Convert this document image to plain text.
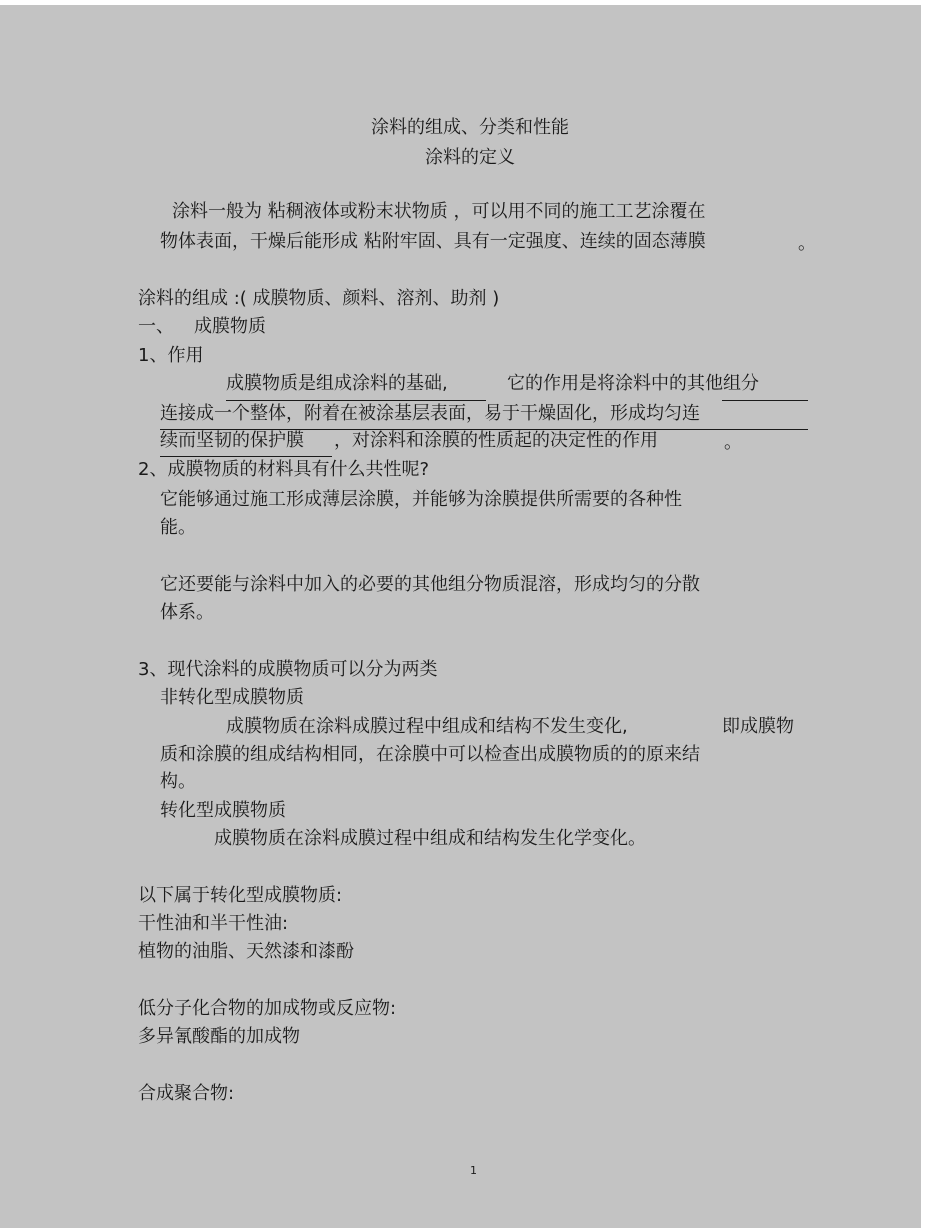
涂料的组成、分类和性能
涂料的定义
涂料一般为 粘稠液体或粉末状物质 ，可以用不同的施工工艺涂覆在
物体表面，干燥后能形成 粘附牢固、具有一定强度、连续的固态薄膜	。
涂料的组成 :( 成膜物质、颜料、溶剂、助剂 )
一、 成膜物质
1、作用
成膜物质是组成涂料的基础,	它的作用是将涂料中的其他组分
连接成一个整体，附着在被涂基层表面，易于干燥固化，形成均匀连
续而坚韧的保护膜 ，对涂料和涂膜的性质起的决定性的作用	。
2、成膜物质的材料具有什么共性呢?
它能够通过施工形成薄层涂膜，并能够为涂膜提供所需要的各种性
能。
它还要能与涂料中加入的必要的其他组分物质混溶，形成均匀的分散
体系。
3、现代涂料的成膜物质可以分为两类
非转化型成膜物质
成膜物质在涂料成膜过程中组成和结构不发生变化,	即成膜物
质和涂膜的组成结构相同，在涂膜中可以检查出成膜物质的的原来结
构。
转化型成膜物质
成膜物质在涂料成膜过程中组成和结构发生化学变化。
以下属于转化型成膜物质:
干性油和半干性油:
植物的油脂、天然漆和漆酚
低分子化合物的加成物或反应物:
多异氰酸酯的加成物
合成聚合物:
1
